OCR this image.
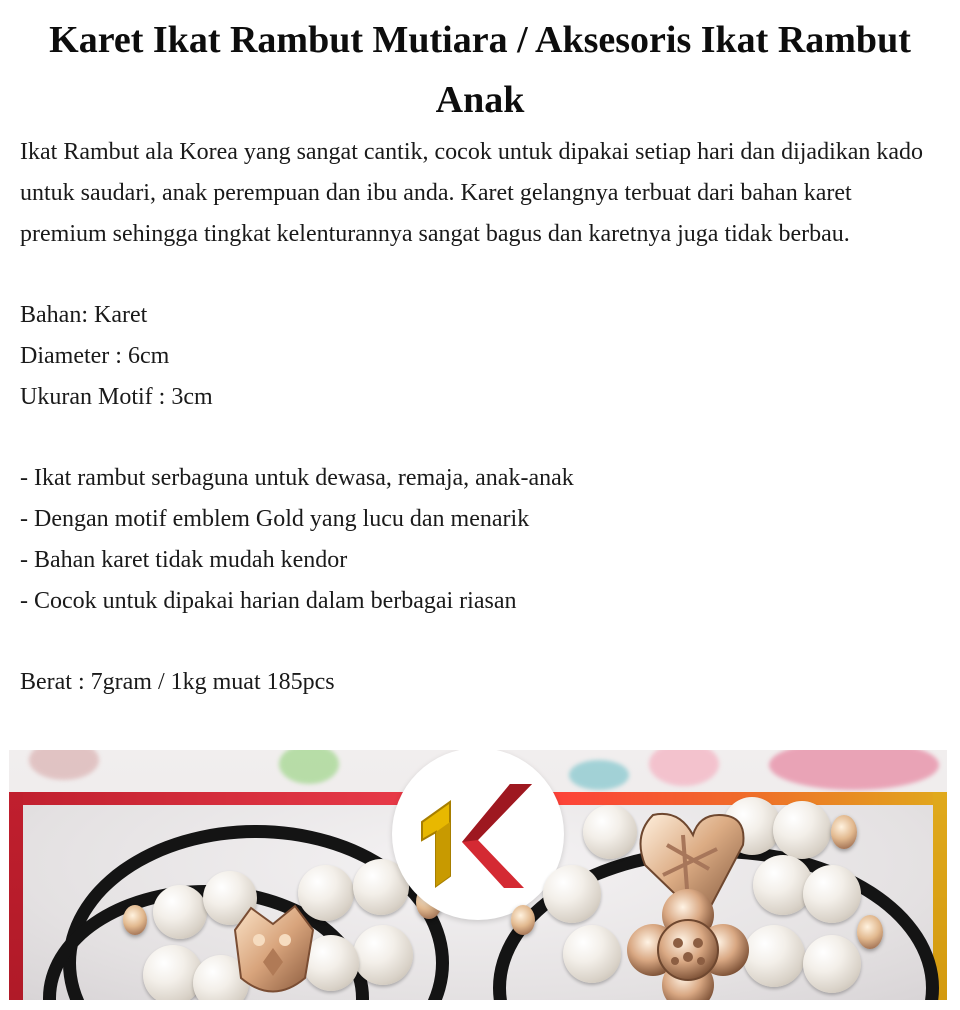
Karet Ikat Rambut Mutiara / Aksesoris Ikat Rambut Anak

Ikat Rambut ala Korea yang sangat cantik, cocok untuk dipakai setiap hari dan dijadikan kado untuk saudari, anak perempuan dan ibu anda. Karet gelangnya terbuat dari bahan karet premium sehingga tingkat kelenturannya sangat bagus dan karetnya juga tidak berbau.

Bahan: Karet

Diameter : 6cm

Ukuran Motif : 3cm

- Ikat rambut serbaguna untuk dewasa, remaja, anak-anak

- Dengan motif emblem Gold yang lucu dan menarik

- Bahan karet tidak mudah kendor

- Cocok untuk dipakai harian dalam berbagai riasan

Berat : 7gram / 1kg muat 185pcs
